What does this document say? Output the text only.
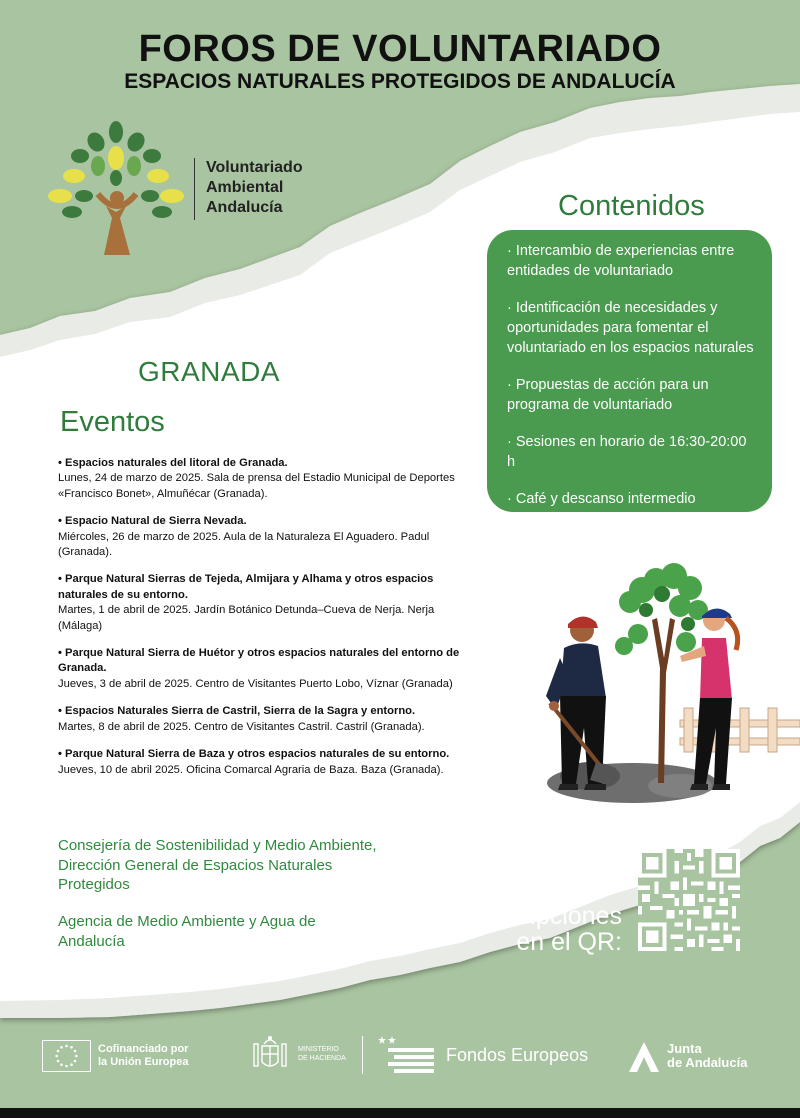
FOROS DE VOLUNTARIADO
ESPACIOS NATURALES PROTEGIDOS DE ANDALUCÍA
Voluntariado
Ambiental
Andalucía	Contenidos
· Intercambio de experiencias entre entidades de voluntariado
· Identificación de necesidades y oportunidades para fomentar el voluntariado en los espacios naturales
· Propuestas de acción para un programa de voluntariado
· Sesiones en horario de 16:30-20:00 h
· Café y descanso intermedio
GRANADA
Eventos
• Espacios naturales del litoral de Granada.
Lunes, 24 de marzo de 2025. Sala de prensa del Estadio Municipal de Deportes «Francisco Bonet», Almuñécar (Granada).
• Espacio Natural de Sierra Nevada.
Miércoles, 26 de marzo de 2025. Aula de la Naturaleza El Aguadero. Padul (Granada).
• Parque Natural Sierras de Tejeda, Almijara y Alhama y otros espacios naturales de su entorno.
Martes, 1 de abril de 2025. Jardín Botánico Detunda–Cueva de Nerja. Nerja (Málaga)
• Parque Natural Sierra de Huétor y otros espacios naturales del entorno de Granada.
Jueves, 3 de abril de 2025. Centro de Visitantes Puerto Lobo, Víznar (Granada)
• Espacios Naturales Sierra de Castril, Sierra de la Sagra y entorno.
Martes, 8 de abril de 2025. Centro de Visitantes Castril. Castril (Granada).
• Parque Natural Sierra de Baza y otros espacios naturales de su entorno.
Jueves, 10 de abril 2025. Oficina Comarcal Agraria de Baza. Baza (Granada).
Consejería de Sostenibilidad y Medio Ambiente, Dirección General de Espacios Naturales Protegidos
Agencia de Medio Ambiente y Agua de Andalucía
Inscripciones
en el QR:
Cofinanciado por
la Unión Europea
MINISTERIO
DE HACIENDA	Fondos Europeos	Junta
de Andalucía
